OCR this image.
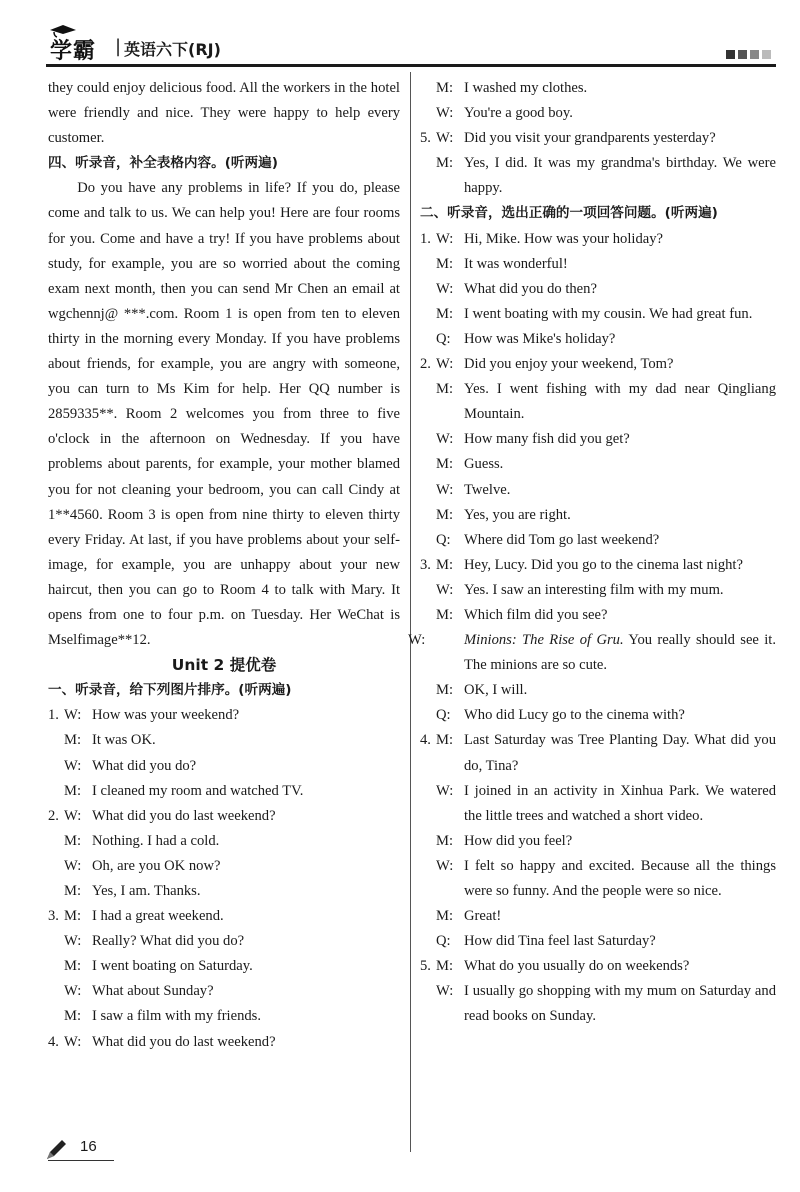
学霸 | 英语六下(RJ)
they could enjoy delicious food. All the workers in the hotel were friendly and nice. They were happy to help every customer.
四、听录音，补全表格内容。(听两遍)
Do you have any problems in life? If you do, please come and talk to us. We can help you! Here are four rooms for you. Come and have a try! If you have problems about study, for example, you are so worried about the coming exam next month, then you can send Mr Chen an email at wgchennj@ ***.com. Room 1 is open from ten to eleven thirty in the morning every Monday. If you have problems about friends, for example, you are angry with someone, you can turn to Ms Kim for help. Her QQ number is 2859335**. Room 2 welcomes you from three to five o'clock in the afternoon on Wednesday. If you have problems about parents, for example, your mother blamed you for not cleaning your bedroom, you can call Cindy at 1**4560. Room 3 is open from nine thirty to eleven thirty every Friday. At last, if you have problems about your self-image, for example, you are unhappy about your new haircut, then you can go to Room 4 to talk with Mary. It opens from one to four p.m. on Tuesday. Her WeChat is Mselfimage**12.
Unit 2 提优卷
一、听录音，给下列图片排序。(听两遍)
1. W: How was your weekend?
M: It was OK.
W: What did you do?
M: I cleaned my room and watched TV.
2. W: What did you do last weekend?
M: Nothing. I had a cold.
W: Oh, are you OK now?
M: Yes, I am. Thanks.
3. M: I had a great weekend.
W: Really? What did you do?
M: I went boating on Saturday.
W: What about Sunday?
M: I saw a film with my friends.
4. W: What did you do last weekend?
M: I washed my clothes.
W: You're a good boy.
5. W: Did you visit your grandparents yesterday?
M: Yes, I did. It was my grandma's birthday. We were happy.
二、听录音，选出正确的一项回答问题。(听两遍)
1. W: Hi, Mike. How was your holiday?
M: It was wonderful!
W: What did you do then?
M: I went boating with my cousin. We had great fun.
Q: How was Mike's holiday?
2. W: Did you enjoy your weekend, Tom?
M: Yes. I went fishing with my dad near Qingliang Mountain.
W: How many fish did you get?
M: Guess.
W: Twelve.
M: Yes, you are right.
Q: Where did Tom go last weekend?
3. M: Hey, Lucy. Did you go to the cinema last night?
W: Yes. I saw an interesting film with my mum.
M: Which film did you see?
W:	Minions: The Rise of Gru. You really should see it. The minions are so cute.
M: OK, I will.
Q: Who did Lucy go to the cinema with?
4. M: Last Saturday was Tree Planting Day. What did you do, Tina?
W: I joined in an activity in Xinhua Park. We watered the little trees and watched a short video.
M: How did you feel?
W: I felt so happy and excited. Because all the things were so funny. And the people were so nice.
M: Great!
Q: How did Tina feel last Saturday?
5. M: What do you usually do on weekends?
W: I usually go shopping with my mum on Saturday and read books on Sunday.
16
